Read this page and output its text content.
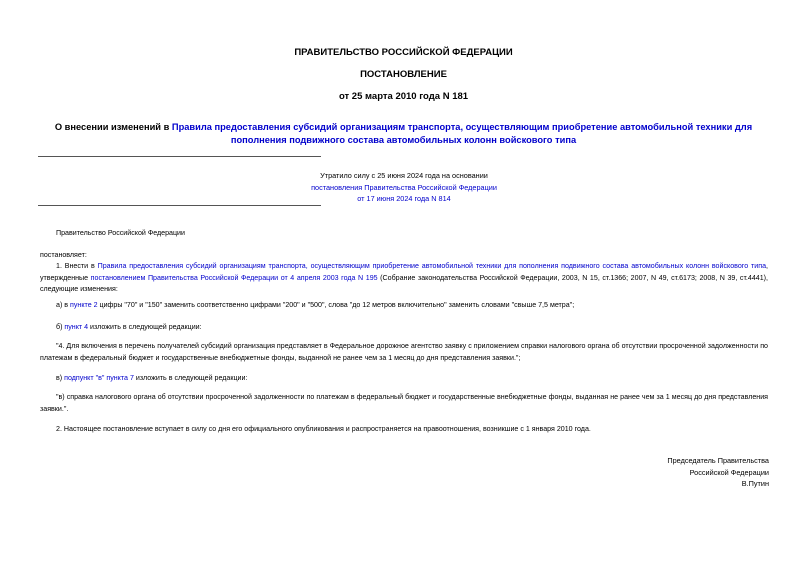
ПРАВИТЕЛЬСТВО РОССИЙСКОЙ ФЕДЕРАЦИИ
ПОСТАНОВЛЕНИЕ
от 25 марта 2010 года N 181
О внесении изменений в Правила предоставления субсидий организациям транспорта, осуществляющим приобретение автомобильной техники для пополнения подвижного состава автомобильных колонн войскового типа
Утратило силу с 25 июня 2024 года на основании
постановления Правительства Российской Федерации
от 17 июня 2024 года N 814
Правительство Российской Федерации
постановляет:
1. Внести в Правила предоставления субсидий организациям транспорта, осуществляющим приобретение автомобильной техники для пополнения подвижного состава автомобильных колонн войскового типа, утвержденные постановлением Правительства Российской Федерации от 4 апреля 2003 года N 195 (Собрание законодательства Российской Федерации, 2003, N 15, ст.1366; 2007, N 49, ст.6173; 2008, N 39, ст.4441), следующие изменения:
а) в пункте 2 цифры "70" и "150" заменить соответственно цифрами "200" и "500", слова "до 12 метров включительно" заменить словами "свыше 7,5 метра";
б) пункт 4 изложить в следующей редакции:
"4. Для включения в перечень получателей субсидий организация представляет в Федеральное дорожное агентство заявку с приложением справки налогового органа об отсутствии просроченной задолженности по платежам в федеральный бюджет и государственные внебюджетные фонды, выданной не ранее чем за 1 месяц до дня представления заявки.";
в) подпункт "в" пункта 7 изложить в следующей редакции:
"в) справка налогового органа об отсутствии просроченной задолженности по платежам в федеральный бюджет и государственные внебюджетные фонды, выданная не ранее чем за 1 месяц до дня представления заявки.".
2. Настоящее постановление вступает в силу со дня его официального опубликования и распространяется на правоотношения, возникшие с 1 января 2010 года.
Председатель Правительства
Российской Федерации
В.Путин
